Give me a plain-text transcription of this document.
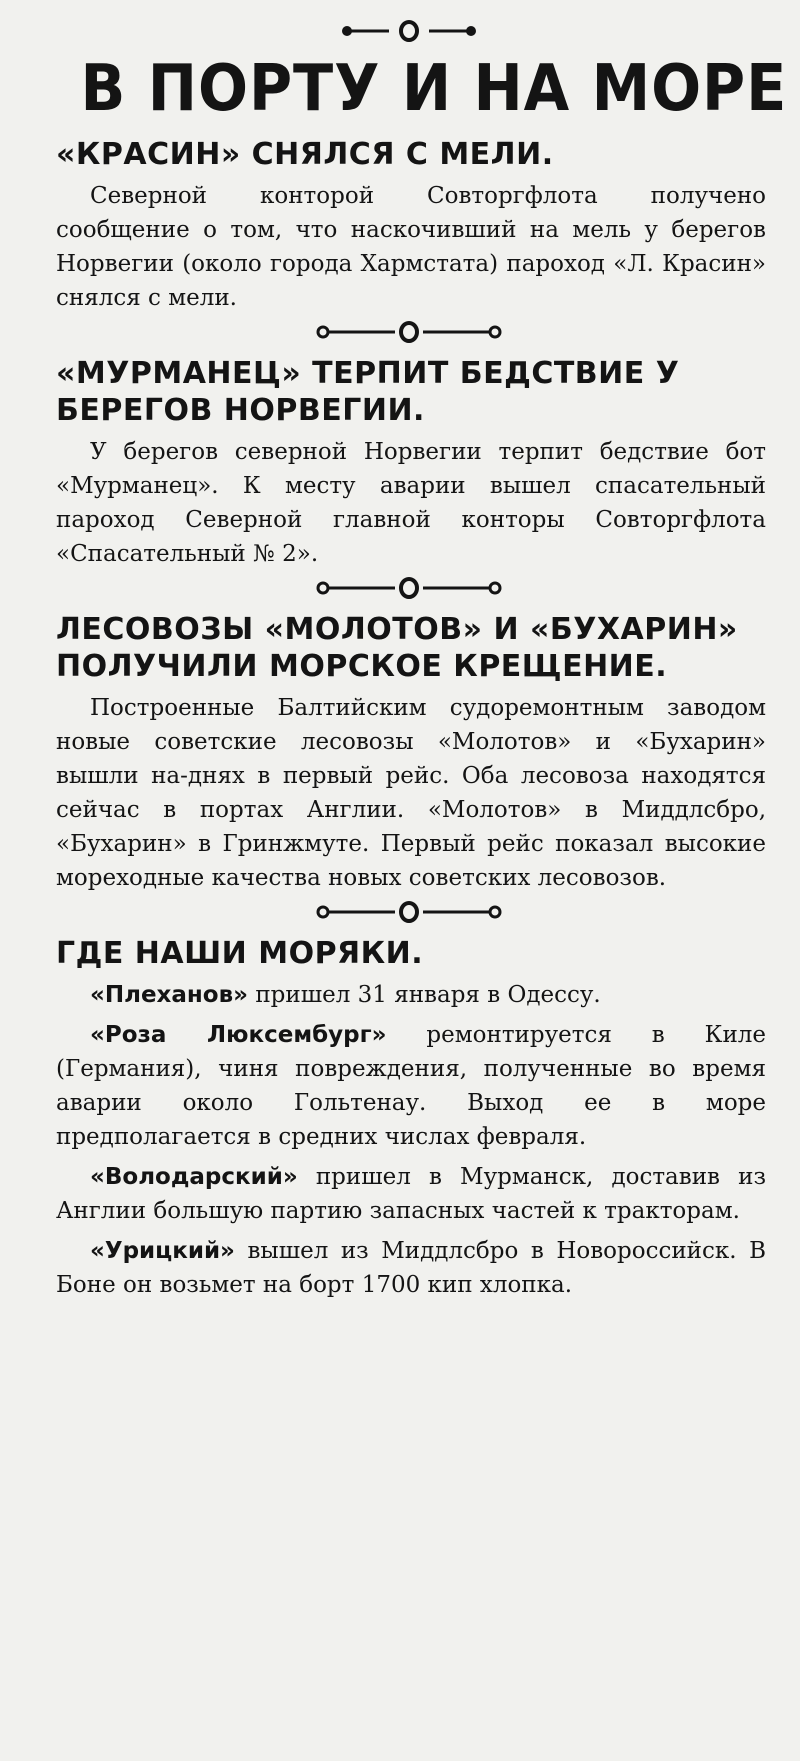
В ПОРТУ И НА МОРЕ
«КРАСИН» СНЯЛСЯ С МЕЛИ.

Северной конторой Совторгфлота получено сообщение о том, что наскочивший на мель у берегов Норвегии (около города Хармстата) пароход «Л. Красин» снялся с мели.

«МУРМАНЕЦ» ТЕРПИТ БЕДСТВИЕ У БЕРЕГОВ НОРВЕГИИ.

У берегов северной Норвегии терпит бедствие бот «Мурманец». К месту аварии вышел спасательный пароход Северной главной конторы Совторгфлота «Спасательный № 2».

ЛЕСОВОЗЫ «МОЛОТОВ» И «БУХАРИН» ПОЛУЧИЛИ МОРСКОЕ КРЕЩЕНИЕ.

Построенные Балтийским судоремонтным заводом новые советские лесовозы «Молотов» и «Бухарин» вышли на-днях в первый рейс. Оба лесовоза находятся сейчас в портах Англии. «Молотов» в Миддлсбро, «Бухарин» в Гринжмуте. Первый рейс показал высокие мореходные качества новых советских лесовозов.

ГДЕ НАШИ МОРЯКИ.

«Плеханов» пришел 31 января в Одессу.

«Роза Люксембург» ремонтируется в Киле (Германия), чиня повреждения, полученные во время аварии около Гольтенау. Выход ее в море предполагается в средних числах февраля.

«Володарский» пришел в Мурманск, доставив из Англии большую партию запасных частей к тракторам.

«Урицкий» вышел из Миддлсбро в Новороссийск. В Боне он возьмет на борт 1700 кип хлопка.
